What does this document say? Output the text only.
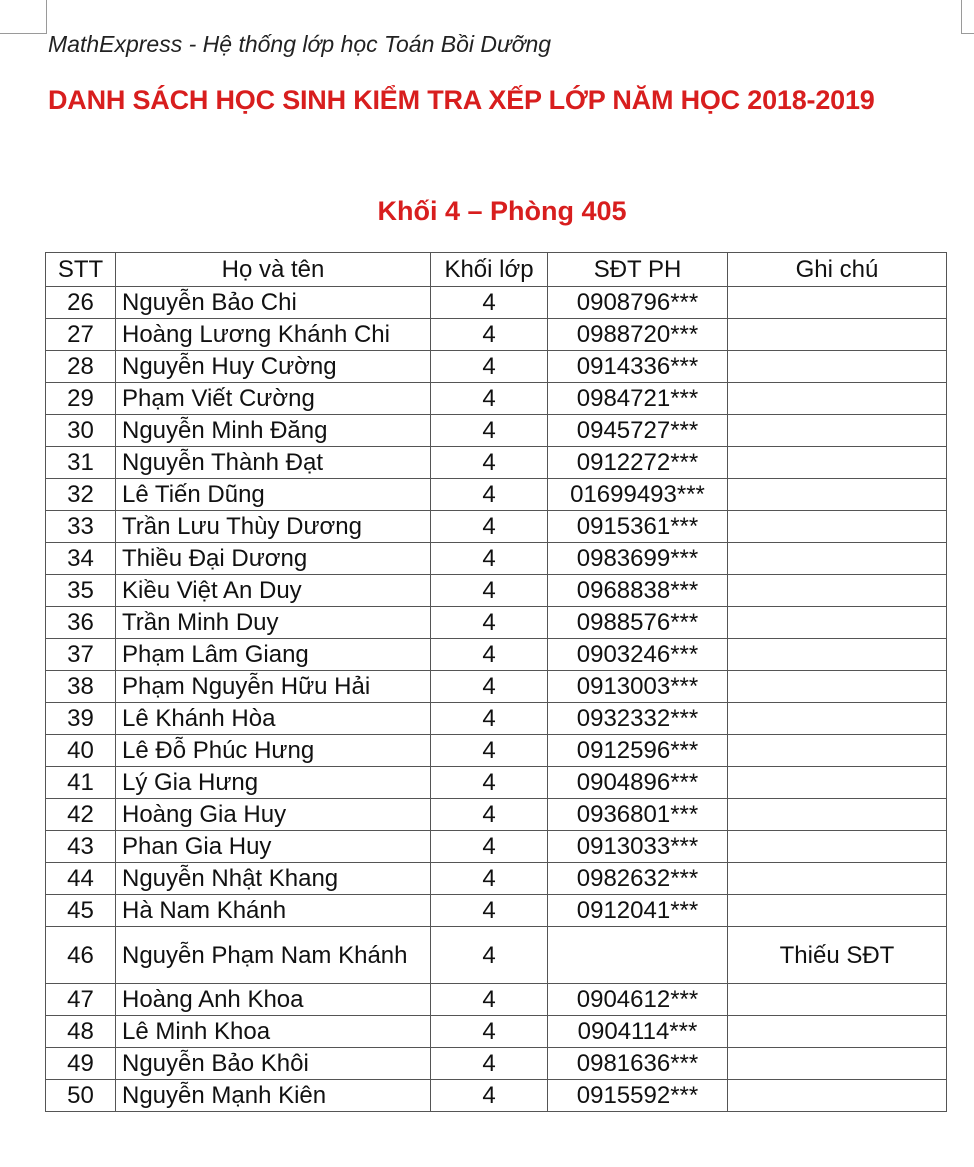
MathExpress - Hệ thống lớp học Toán Bồi Dưỡng
DANH SÁCH HỌC SINH KIỂM TRA XẾP LỚP NĂM HỌC 2018-2019
Khối 4 – Phòng 405
STT	Họ và tên	Khối lớp	SĐT PH	Ghi chú
26	Nguyễn Bảo Chi	4	0908796***	
27	Hoàng Lương Khánh Chi	4	0988720***	
28	Nguyễn Huy Cường	4	0914336***	
29	Phạm Viết Cường	4	0984721***	
30	Nguyễn Minh Đăng	4	0945727***	
31	Nguyễn Thành Đạt	4	0912272***	
32	Lê Tiến Dũng	4	01699493***	
33	Trần Lưu Thùy Dương	4	0915361***	
34	Thiều Đại Dương	4	0983699***	
35	Kiều Việt An Duy	4	0968838***	
36	Trần Minh Duy	4	0988576***	
37	Phạm Lâm Giang	4	0903246***	
38	Phạm Nguyễn Hữu Hải	4	0913003***	
39	Lê Khánh Hòa	4	0932332***	
40	Lê Đỗ Phúc Hưng	4	0912596***	
41	Lý Gia Hưng	4	0904896***	
42	Hoàng Gia Huy	4	0936801***	
43	Phan Gia Huy	4	0913033***	
44	Nguyễn Nhật Khang	4	0982632***	
45	Hà Nam Khánh	4	0912041***	
46	Nguyễn Phạm Nam Khánh	4		Thiếu SĐT
47	Hoàng Anh Khoa	4	0904612***	
48	Lê Minh Khoa	4	0904114***	
49	Nguyễn Bảo Khôi	4	0981636***	
50	Nguyễn Mạnh Kiên	4	0915592***	
